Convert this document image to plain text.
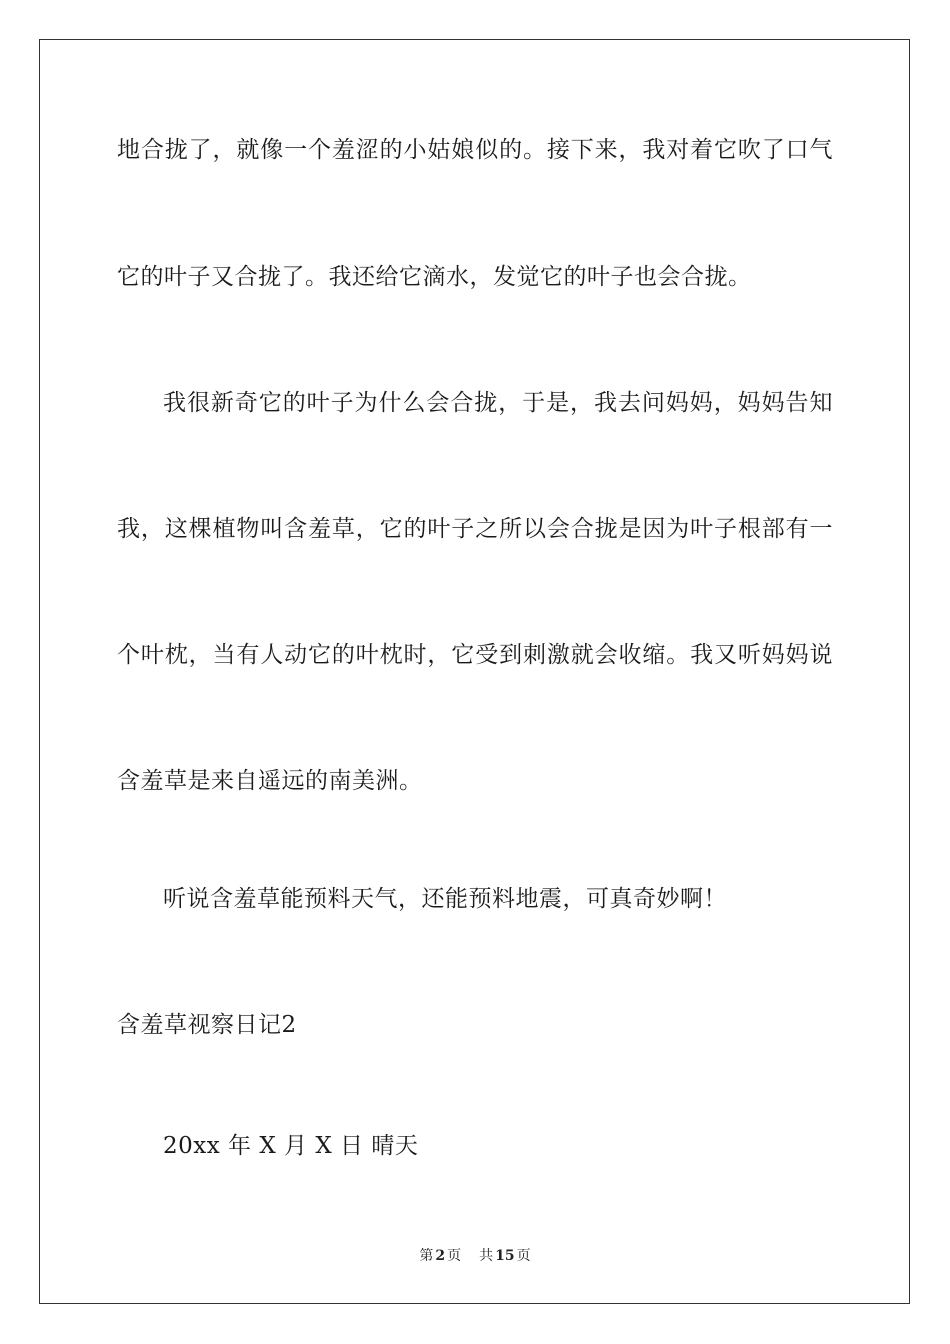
地合拢了，就像一个羞涩的小姑娘似的。接下来，我对着它吹了口气
它的叶子又合拢了。我还给它滴水，发觉它的叶子也会合拢。
我很新奇它的叶子为什么会合拢，于是，我去问妈妈，妈妈告知
我，这棵植物叫含羞草，它的叶子之所以会合拢是因为叶子根部有一
个叶枕，当有人动它的叶枕时，它受到刺激就会收缩。我又听妈妈说
含羞草是来自遥远的南美洲。
听说含羞草能预料天气，还能预料地震，可真奇妙啊！
含羞草视察日记2
20xx 年 X 月 X 日 晴天
第 2 页 共 15 页
